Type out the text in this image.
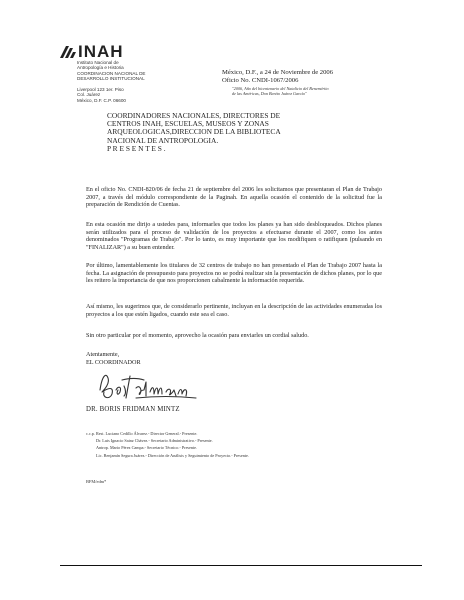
INAH
Instituto Nacional de
Antropología e Historia
COORDINACION NACIONAL DE
DESARROLLO INSTITUCIONAL
Liverpool 123 1er. Piso
Col. Juárez
México, D.F. C.P. 06600
México, D.F., a 24 de Noviembre de 2006
Oficio No. CNDI-1067/2006
"2006, Año del bicentenario del Natalicio del Benemérito
de las Américas, Don Benito Juárez García"
COORDINADORES NACIONALES, DIRECTORES DE
CENTROS INAH, ESCUELAS, MUSEOS Y ZONAS
ARQUEOLOGICAS,DIRECCION DE LA BIBLIOTECA
NACIONAL DE ANTROPOLOGIA.
P R E S E N T E S .
En el oficio No. CNDI-820/06 de fecha 21 de septiembre del 2006 les solicitamos que presentaran el Plan de Trabajo 2007, a través del módulo correspondiente de la Paginah. En aquella ocasión el contenido de la solicitud fue la preparación de Rendición de Cuentas.
En esta ocasión me dirijo a ustedes para, informarles que todos los planes ya han sido desbloqueados. Dichos planes serán utilizados para el proceso de validación de los proyectos a efectuarse durante el 2007, como los antes denominados "Programas de Trabajo". Por lo tanto, es muy importante que los modifiquen o ratifiquen (pulsando en "FINALIZAR") a su buen entender.
Por último, lamentablemente los titulares de 32 centros de trabajo no han presentado el Plan de Trabajo 2007 hasta la fecha. La asignación de presupuesto para proyectos no se podrá realizar sin la presentación de dichos planes, por lo que les reitero la importancia de que nos proporcionen cabalmente la información requerida.
Así mismo, les sugerimos que, de considerarlo pertinente, incluyan en la descripción de las actividades enumeradas los proyectos a los que estén ligados, cuando este sea el caso.
Sin otro particular por el momento, aprovecho la ocasión para enviarles un cordial saludo.
Atentamente,
EL COORDINADOR
DR. BORIS FRIDMAN MINTZ
c.c.p. Rest. Luciano Cedillo Álvarez.- Director General.- Presente.
Dr. Luis Ignacio Sainz Chávez.- Secretario Administrativo.- Presente.
Antrop. Mario Pérez Campa.- Secretario Técnico.- Presente.
Lic. Benjamín Segura Juárez.- Dirección de Análisis y Seguimiento de Proyecto.- Presente.
BFM/edm*
